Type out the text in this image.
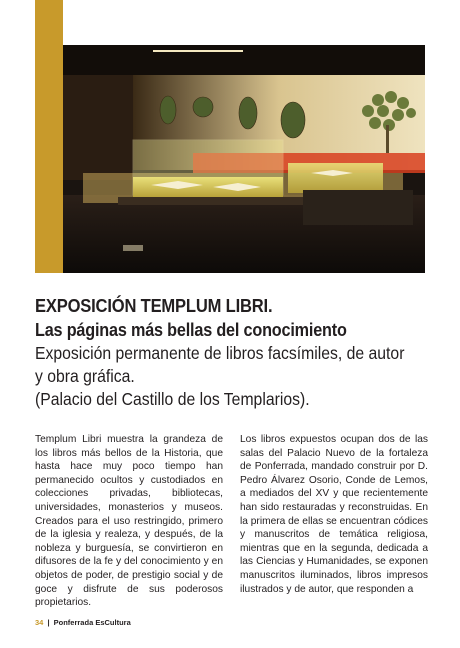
EXPOSICIÓN TEMPLUM LIBRI.
Las páginas más bellas del conocimiento
Exposición permanente de libros facsímiles, de autor
y obra gráfica.
(Palacio del Castillo de los Templarios).
Templum Libri muestra la grandeza de los libros más bellos de la Historia, que hasta hace muy poco tiempo han permanecido ocultos y custodiados en colecciones privadas, bibliotecas, universidades, monasterios y museos. Creados para el uso restringido, primero de la iglesia y realeza, y después, de la nobleza y burguesía, se convirtieron en difusores de la fe y del conocimiento y en objetos de poder, de prestigio social y de goce y disfrute de sus poderosos propietarios.
Los libros expuestos ocupan dos de las salas del Palacio Nuevo de la fortaleza de Ponferrada, mandado construir por D. Pedro Álvarez Osorio, Conde de Lemos, a mediados del XV y que recientemente han sido restauradas y reconstruidas. En la primera de ellas se encuentran códices y manuscritos de temática religiosa, mientras que en la segunda, dedicada a las Ciencias y Humanidades, se exponen manuscritos iluminados, libros impresos ilustrados y de autor, que responden a
34 | Ponferrada EsCultura
